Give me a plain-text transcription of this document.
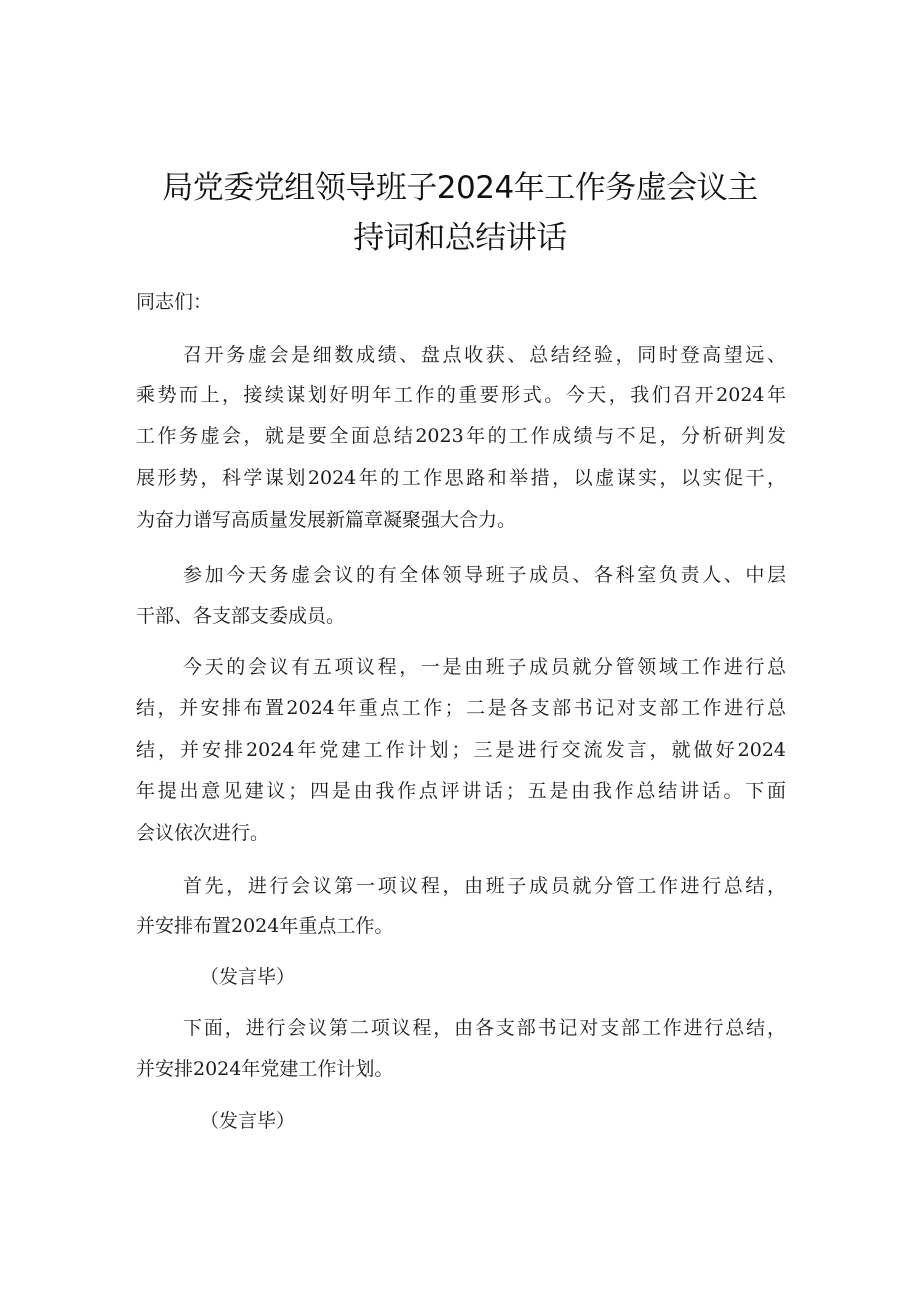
局党委党组领导班子2024年工作务虚会议主
持词和总结讲话
同志们：
召开务虚会是细数成绩、盘点收获、总结经验，同时登高望远、
乘势而上，接续谋划好明年工作的重要形式。今天，我们召开2024年
工作务虚会，就是要全面总结2023年的工作成绩与不足，分析研判发
展形势，科学谋划2024年的工作思路和举措，以虚谋实，以实促干，
为奋力谱写高质量发展新篇章凝聚强大合力。
参加今天务虚会议的有全体领导班子成员、各科室负责人、中层
干部、各支部支委成员。
今天的会议有五项议程，一是由班子成员就分管领域工作进行总
结，并安排布置2024年重点工作；二是各支部书记对支部工作进行总
结，并安排2024年党建工作计划；三是进行交流发言，就做好2024
年提出意见建议；四是由我作点评讲话；五是由我作总结讲话。下面
会议依次进行。
首先，进行会议第一项议程，由班子成员就分管工作进行总结，
并安排布置2024年重点工作。
（发言毕）
下面，进行会议第二项议程，由各支部书记对支部工作进行总结，
并安排2024年党建工作计划。
（发言毕）
